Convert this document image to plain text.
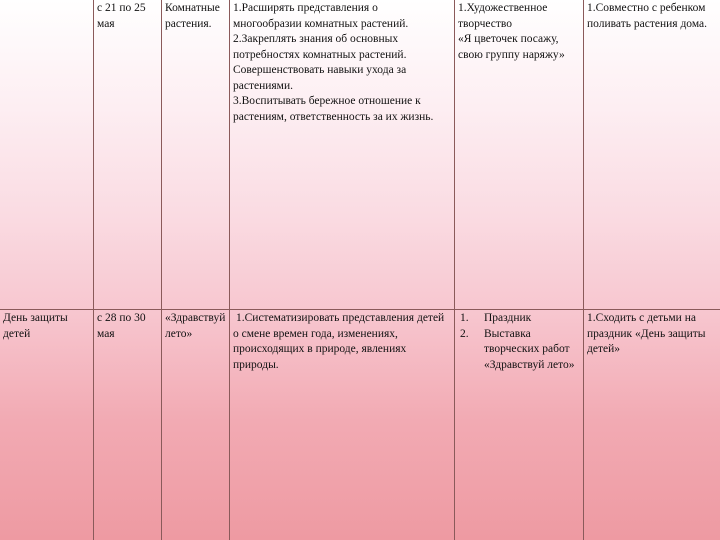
с 21 по 25 мая
Комнатные растения.
1.Расширять представления о многообразии комнатных растений.
2.Закреплять знания об основных потребностях комнатных растений. Совершенствовать навыки ухода за растениями.
3.Воспитывать бережное отношение к растениям, ответственность за их жизнь.
1.Художественное творчество
«Я цветочек посажу, свою группу наряжу»
1.Совместно с ребенком поливать растения дома.
День защиты детей
с 28 по 30 мая
«Здравствуй лето»
1.Систематизировать представления детей о смене времен года, изменениях, происходящих в природе, явлениях природы.
1. Праздник
2. Выставка творческих работ «Здравствуй лето»
1.Сходить с детьми на праздник «День защиты детей»
